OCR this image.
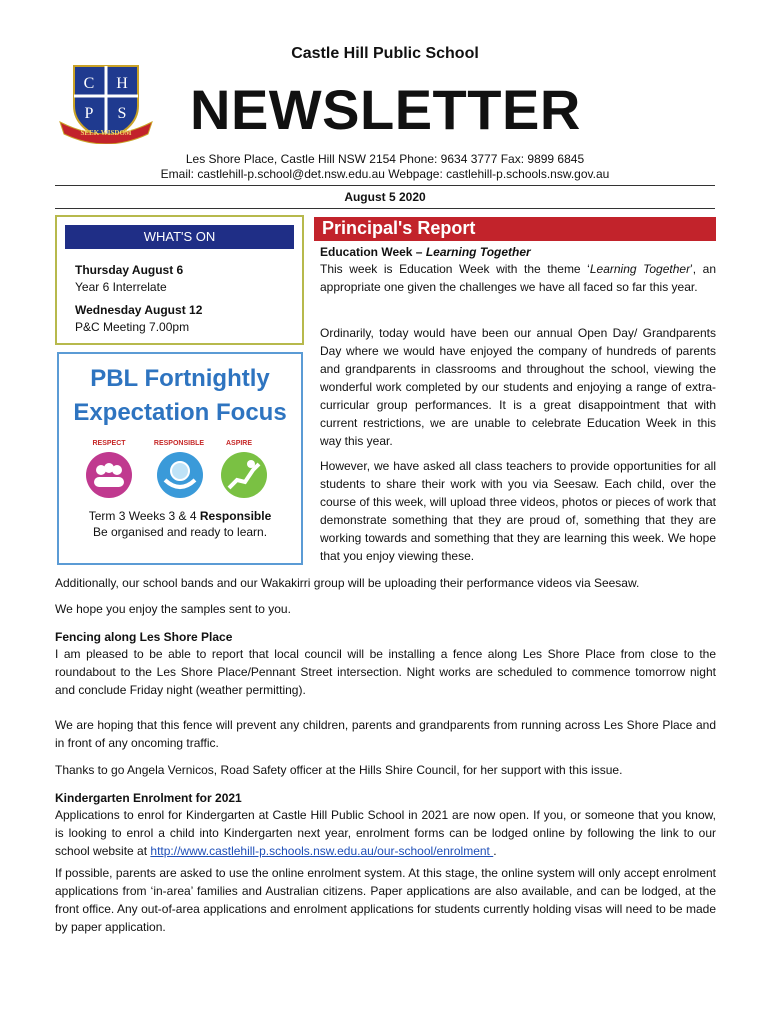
Castle Hill Public School
C H
P S
SEEK WISDOM NEWSLETTER
Les Shore Place, Castle Hill NSW 2154 Phone: 9634 3777 Fax: 9899 6845
Email: castlehill-p.school@det.nsw.edu.au Webpage: castlehill-p.schools.nsw.gov.au
August 5 2020
WHAT'S ON
Thursday August 6
Year 6 Interrelate
Wednesday August 12
P&C Meeting 7.00pm
PBL Fortnightly
Expectation Focus
RESPECT	RESPONSIBLE	ASPIRE
Term 3 Weeks 3 & 4 Responsible
Be organised and ready to learn.
Principal's Report
Education Week – Learning Together

This week is Education Week with the theme ‘Learning Together’, an appropriate one given the challenges we have all faced so far this year.

Ordinarily, today would have been our annual Open Day/ Grandparents Day where we would have enjoyed the company of hundreds of parents and grandparents in classrooms and throughout the school, viewing the wonderful work completed by our students and enjoying a range of extra-curricular group performances. It is a great disappointment that with current restrictions, we are unable to celebrate Education Week in this way this year.

However, we have asked all class teachers to provide opportunities for all students to share their work with you via Seesaw. Each child, over the course of this week, will upload three videos, photos or pieces of work that demonstrate something that they are proud of, something that they are working towards and something that they are learning this week. We hope that you enjoy viewing these.

Additionally, our school bands and our Wakakirri group will be uploading their performance videos via Seesaw.

We hope you enjoy the samples sent to you.

Fencing along Les Shore Place

I am pleased to be able to report that local council will be installing a fence along Les Shore Place from close to the roundabout to the Les Shore Place/Pennant Street intersection. Night works are scheduled to commence tomorrow night and conclude Friday night (weather permitting).

We are hoping that this fence will prevent any children, parents and grandparents from running across Les Shore Place and in front of any oncoming traffic.

Thanks to go Angela Vernicos, Road Safety officer at the Hills Shire Council, for her support with this issue.

Kindergarten Enrolment for 2021

Applications to enrol for Kindergarten at Castle Hill Public School in 2021 are now open. If you, or someone that you know, is looking to enrol a child into Kindergarten next year, enrolment forms can be lodged online by following the link to our school website at http://www.castlehill-p.schools.nsw.edu.au/our-school/enrolment .

If possible, parents are asked to use the online enrolment system. At this stage, the online system will only accept enrolment applications from ‘in-area’ families and Australian citizens. Paper applications are also available, and can be lodged, at the front office. Any out-of-area applications and enrolment applications for students currently holding visas will need to be made by paper application.
